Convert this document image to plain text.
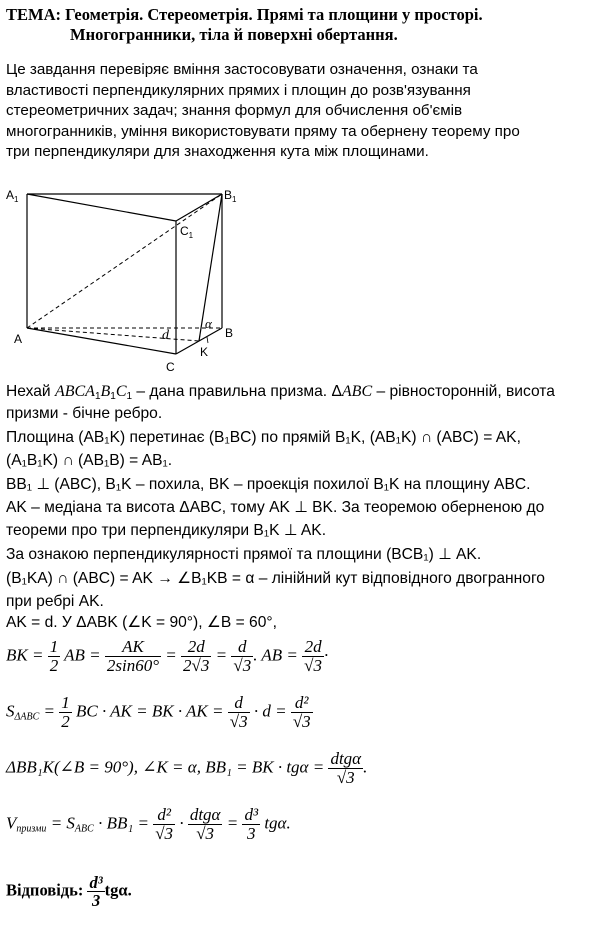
ТЕМА: Геометрія. Стереометрія. Прямі та площини у просторі.
Многогранники, тіла й поверхні обертання.
Це завдання перевіряє вміння застосовувати означення, ознаки та
властивості перпендикулярних прямих і площин до розв'язування
стереометричних задач; знання формул для обчислення об'ємів
многогранників, уміння використовувати пряму та обернену теорему про
три перпендикуляри для знаходження кута між площинами.
$A_1$	$B_1$
$C_1$
A	B
C
K
d
α
Нехай $ABCA_1B_1C_1$ – дана правильна призма. ΔABC – рівносторонній, висота
призми - бічне ребро.
Площина (AB₁K) перетинає (B₁BC) по прямій B₁K, (AB₁K) ∩ (ABC) = AK,
(A₁B₁K) ∩ (AB₁B) = AB₁.
BB₁ ⊥ (ABC), B₁K – похила, BK – проекція похилої B₁K на площину ABC.
AK – медіана та висота ΔABC, тому AK ⊥ BK. За теоремою оберненою до
теореми про три перпендикуляри B₁K ⊥ AK.
За ознакою перпендикулярності прямої та площини (BCB₁) ⊥ AK.
(B₁KA) ∩ (ABC) = AK → ∠B₁KB = α – лінійний кут відповідного двогранного
при ребрі AK.
AK = d. У ΔABK (∠K = 90°), ∠B = 60°,
BK = $\frac{1}{2}$ AB = $\frac{AK}{2\sin 60^\circ} = \frac{2d}{2√3} = \frac{d}{√3}$ . AB = $\frac{2d}{√3}$ ·
$S_{\Delta ABC} = \frac{1}{2}$ BC · AK = BK · AK = $\frac{d}{√3} \cdot d = \frac{\text{d²}}{√3}$
ΔBB₁K(∠B = 90°), ∠K = α, BB₁ = BK · $tg\alpha = \frac{\text{dtgα}}{√3}$ .
$V_{призми} = S_{ABC} \cdot BB_1 = \frac{\text{d²}}{√3} \cdot \frac{\text{dtgα}}{√3} = \frac{\text{d³}}{3} tg\alpha$.
Відповідь: $\frac{\text{d³}}{3} tg\alpha$.
